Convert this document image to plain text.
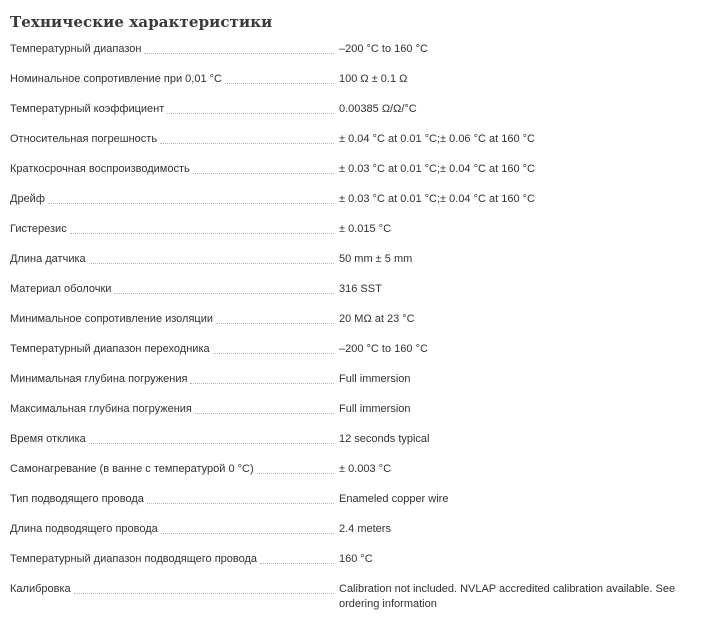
Технические характеристики
Температурный диапазон	–200 °C to 160 °C
Номинальное сопротивление при 0,01 °C	100 Ω ± 0.1 Ω
Температурный коэффициент	0.00385 Ω/Ω/°C
Относительная погрешность	± 0.04 °C at 0.01 °C;± 0.06 °C at 160 °C
Краткосрочная воспроизводимость	± 0.03 °C at 0.01 °C;± 0.04 °C at 160 °C
Дрейф	± 0.03 °C at 0.01 °C;± 0.04 °C at 160 °C
Гистерезис	± 0.015 °C
Длина датчика	50 mm ± 5 mm
Материал оболочки	316 SST
Минимальное сопротивление изоляции	20 MΩ at 23 °C
Температурный диапазон переходника	–200 °C to 160 °C
Минимальная глубина погружения	Full immersion
Максимальная глубина погружения	Full immersion
Время отклика	12 seconds typical
Самонагревание (в ванне с температурой 0 °C)	± 0.003 °C
Тип подводящего провода	Enameled copper wire
Длина подводящего провода	2.4 meters
Температурный диапазон подводящего провода	160 °C
Калибровка	Calibration not included. NVLAP accredited calibration available. See ordering information
